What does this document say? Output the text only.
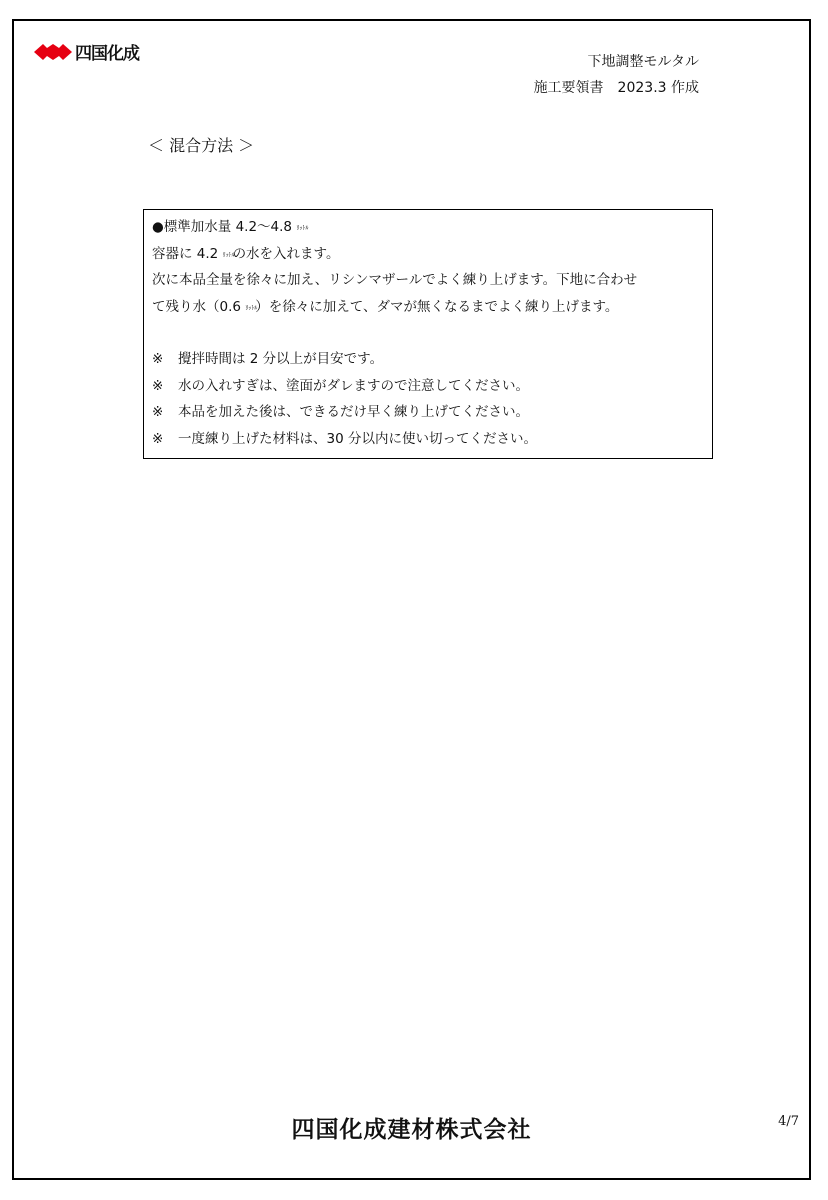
四国化成	下地調整モルタル
施工要領書　2023.3 作成
＜ 混合方法 ＞

●標準加水量 4.2〜4.8 ﾘｯﾄﾙ

容器に 4.2 ﾘｯﾄﾙの水を入れます。

次に本品全量を徐々に加え、リシンマザールでよく練り上げます。下地に合わせ

て残り水（0.6 ﾘｯﾄﾙ）を徐々に加えて、ダマが無くなるまでよく練り上げます。

※ 攪拌時間は 2 分以上が目安です。

※ 水の入れすぎは、塗面がダレますので注意してください。

※ 本品を加えた後は、できるだけ早く練り上げてください。

※ 一度練り上げた材料は、30 分以内に使い切ってください。

四国化成建材株式会社	4/7
